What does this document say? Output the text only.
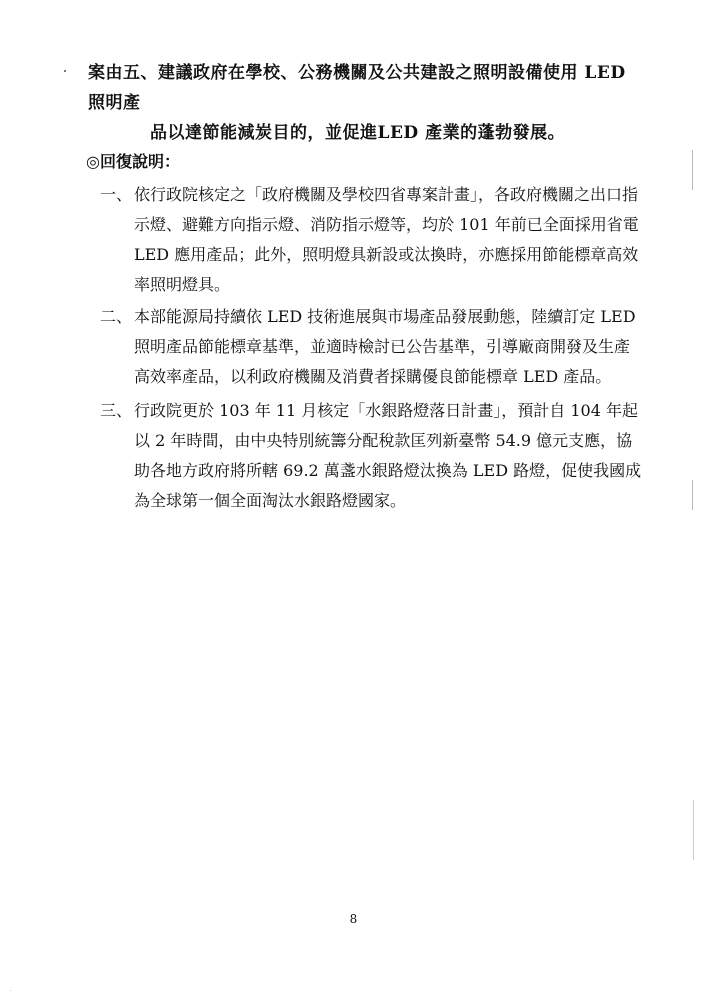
案由五、建議政府在學校、公務機關及公共建設之照明設備使用 LED 照明產
品以達節能減炭目的，並促進LED 產業的蓬勃發展。
◎回復說明：
一、 依行政院核定之「政府機關及學校四省專案計畫」，各政府機關之出口指示燈、避難方向指示燈、消防指示燈等，均於 101 年前已全面採用省電 LED 應用產品；此外，照明燈具新設或汰換時，亦應採用節能標章高效率照明燈具。
二、 本部能源局持續依 LED 技術進展與市場產品發展動態，陸續訂定 LED 照明產品節能標章基準，並適時檢討已公告基準，引導廠商開發及生產高效率產品，以利政府機關及消費者採購優良節能標章 LED 產品。
三、 行政院更於 103 年 11 月核定「水銀路燈落日計畫」，預計自 104 年起以 2 年時間，由中央特別統籌分配稅款匡列新臺幣 54.9 億元支應，協助各地方政府將所轄 69.2 萬盞水銀路燈汰換為 LED 路燈，促使我國成為全球第一個全面淘汰水銀路燈國家。
8
